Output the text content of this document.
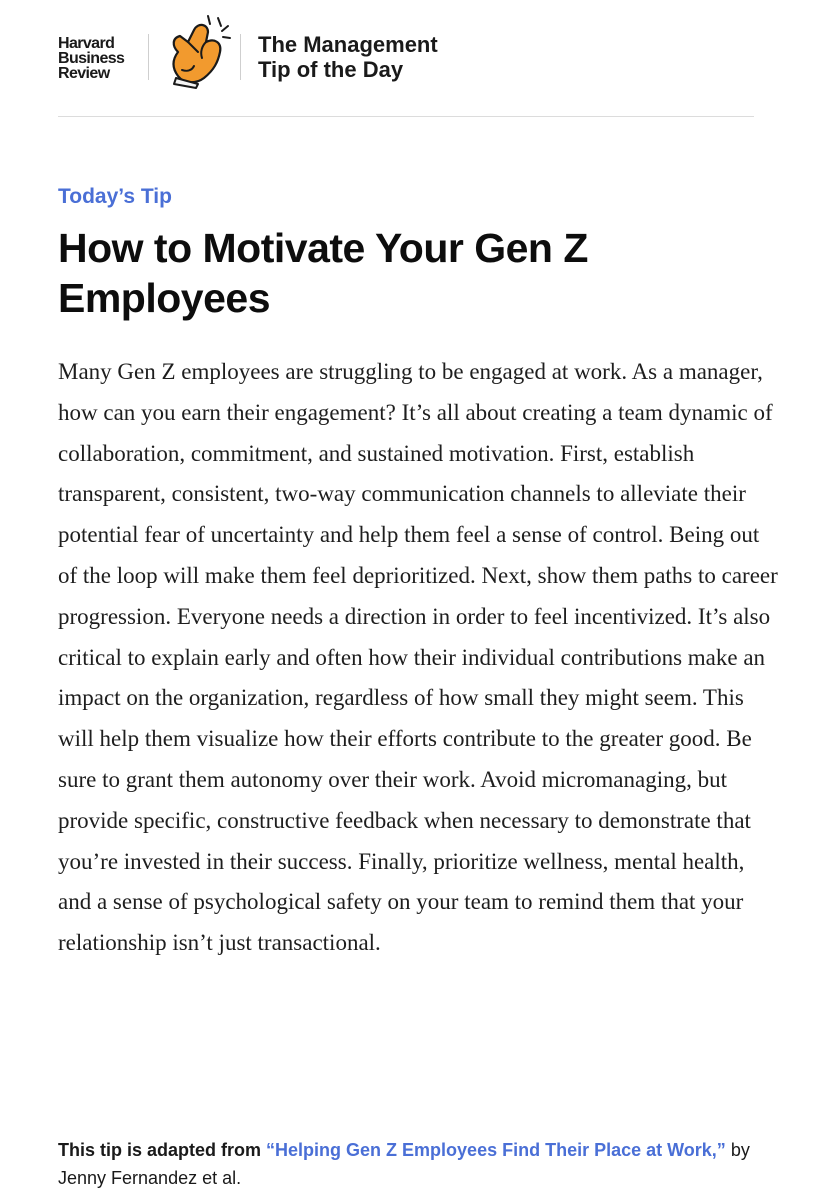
Harvard
Business
Review
The Management
Tip of the Day
Today’s Tip
How to Motivate Your Gen Z Employees

Many Gen Z employees are struggling to be engaged at work. As a manager, how can you earn their engagement? It’s all about creating a team dynamic of collaboration, commitment, and sustained motivation. First, establish transparent, consistent, two-way communication channels to alleviate their potential fear of uncertainty and help them feel a sense of control. Being out of the loop will make them feel deprioritized. Next, show them paths to career progression. Everyone needs a direction in order to feel incentivized. It’s also critical to explain early and often how their individual contributions make an impact on the organization, regardless of how small they might seem. This will help them visualize how their efforts contribute to the greater good. Be sure to grant them autonomy over their work. Avoid micromanaging, but provide specific, constructive feedback when necessary to demonstrate that you’re invested in their success. Finally, prioritize wellness, mental health, and a sense of psychological safety on your team to remind them that your relationship isn’t just transactional.

This tip is adapted from “Helping Gen Z Employees Find Their Place at Work,” by Jenny Fernandez et al.
